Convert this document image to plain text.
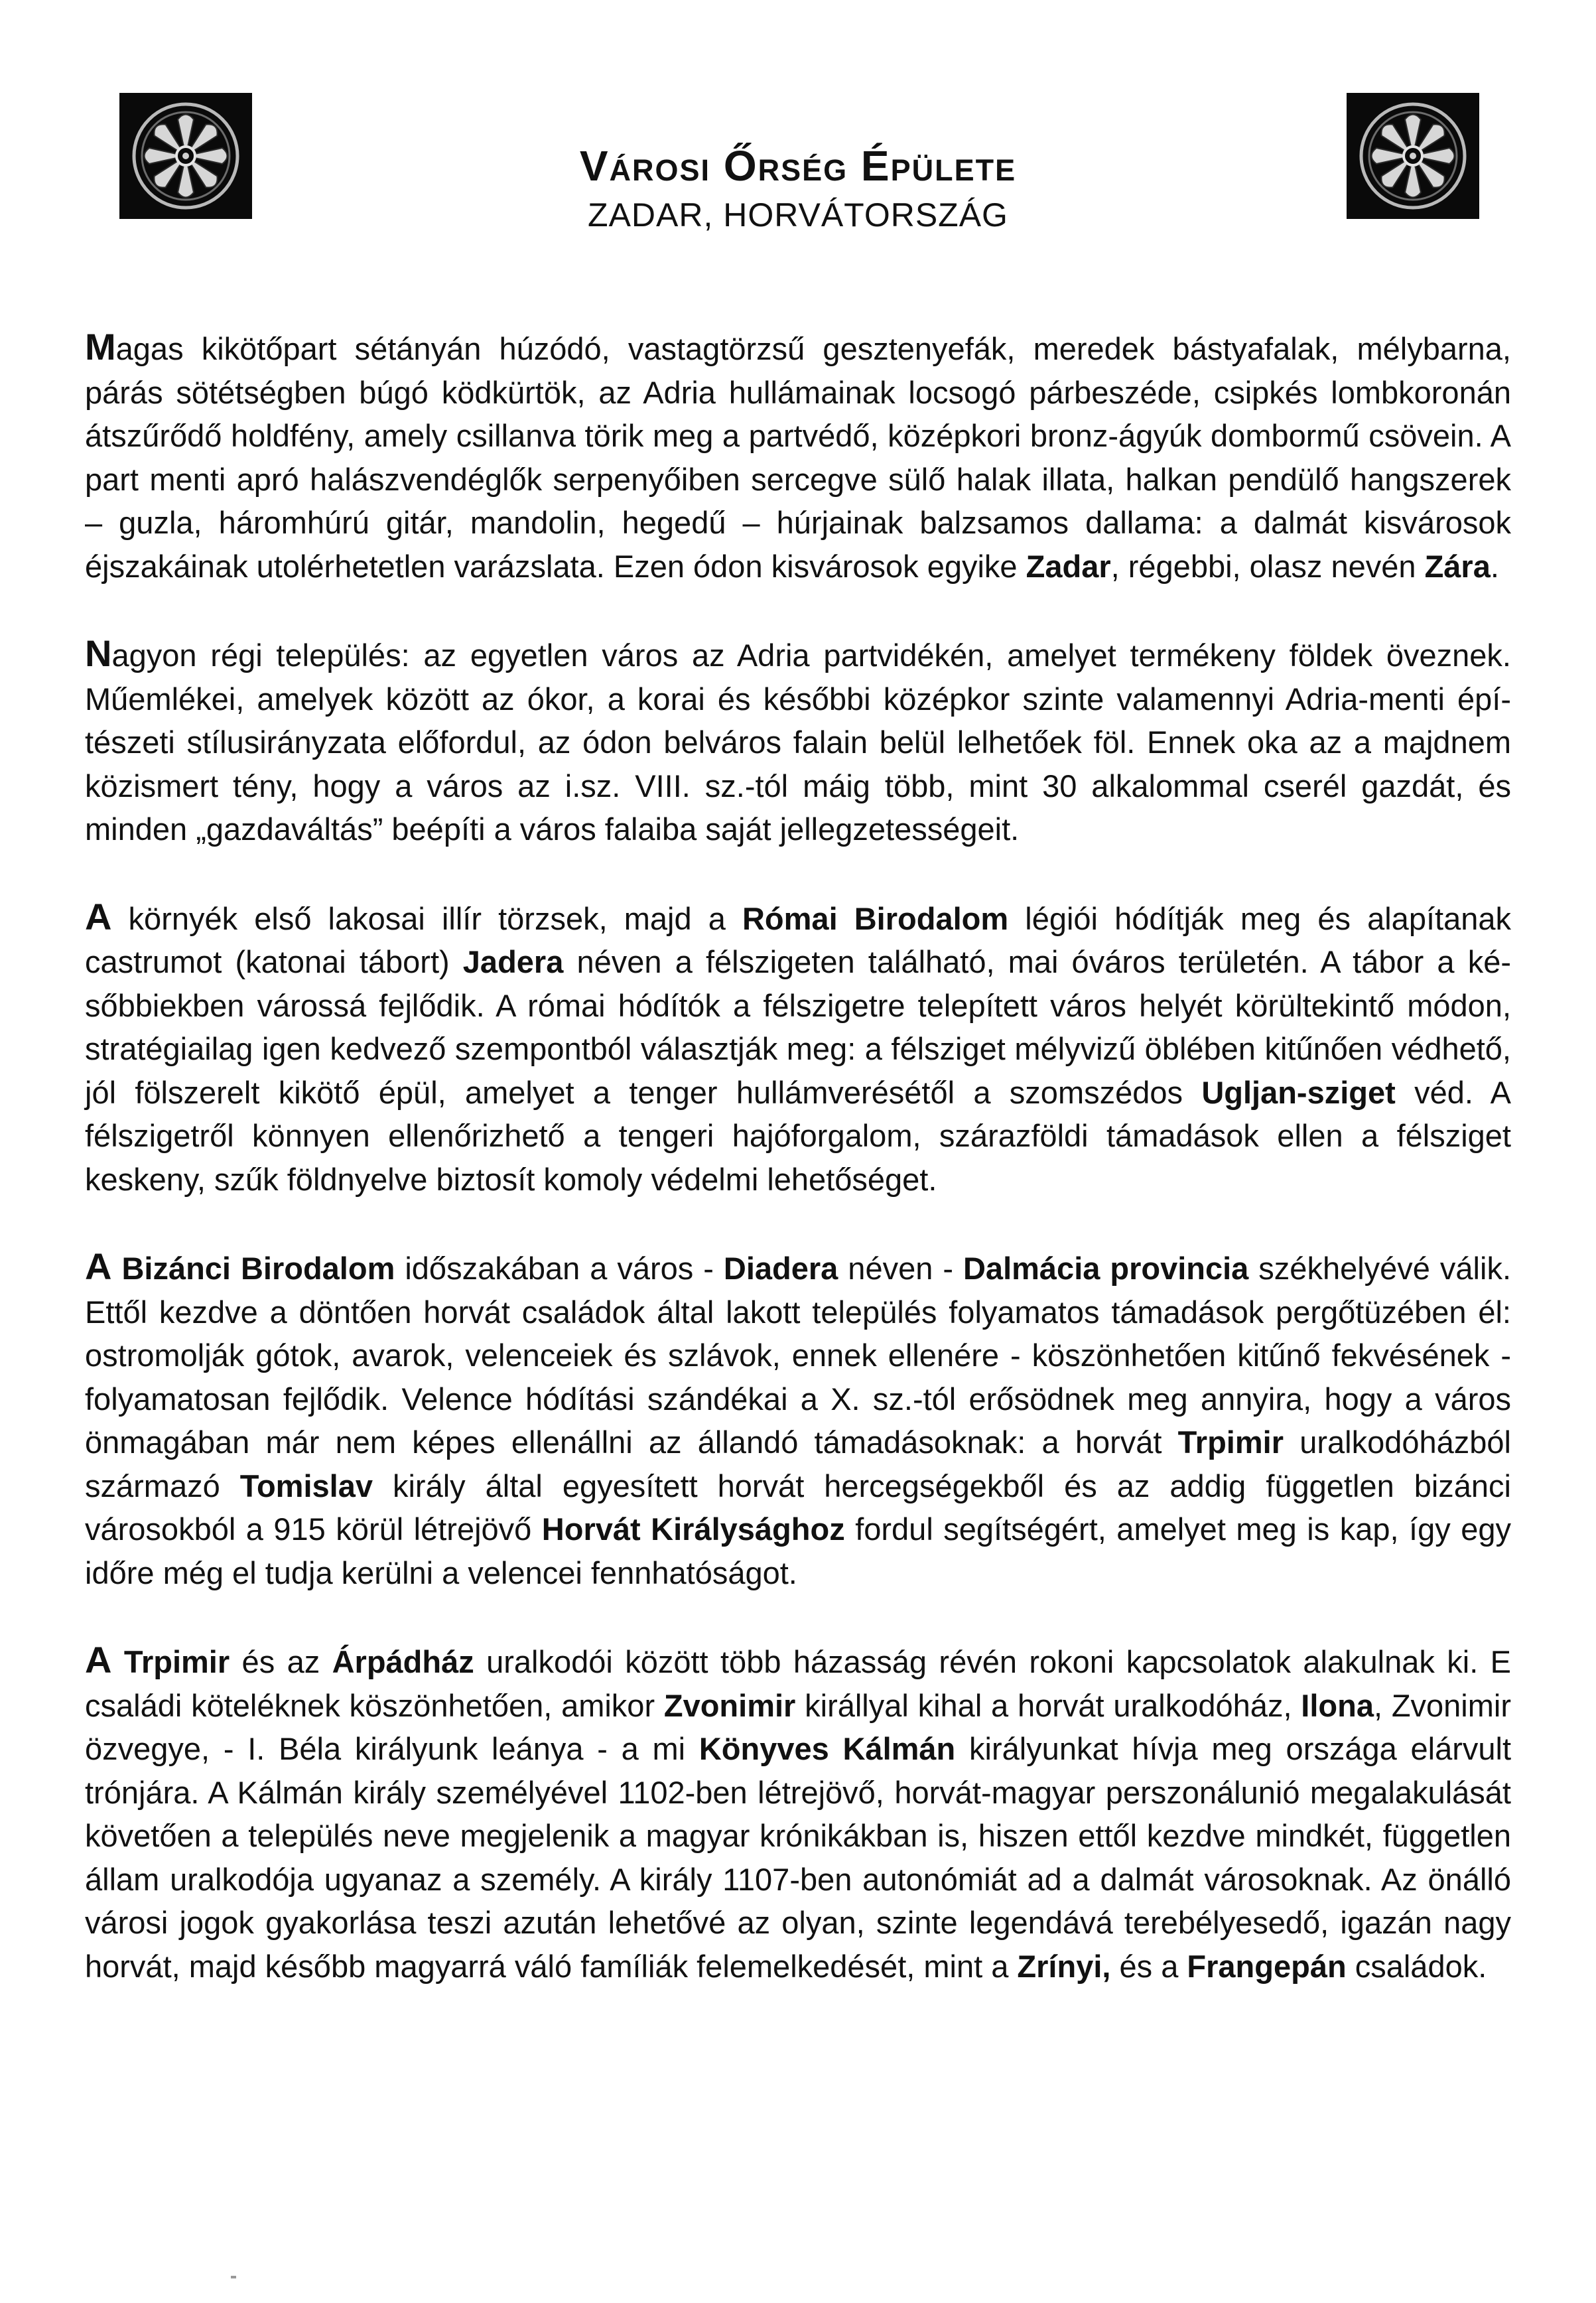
Városi Őrség Épülete
ZADAR, HORVÁTORSZÁG

Magas kikötőpart sétányán húzódó, vastagtörzsű gesztenyefák, meredek bástyafalak, mélybarna, párás sötétségben búgó ködkürtök, az Adria hullámainak locsogó párbeszéde, csipkés lombkoronán átszűrődő holdfény, amely csillanva törik meg a partvédő, középkori bronz-ágyúk dombormű csövein. A part menti apró halászvendéglők serpenyőiben sercegve sülő halak illata, halkan pendülő hangszerek – guzla, háromhúrú gitár, mandolin, hegedű – húrjainak balzsamos dallama: a dalmát kisvárosok éjszakáinak utolérhetetlen varázslata. Ezen ódon kisvárosok egyike Zadar, régebbi, olasz nevén Zára.

Nagyon régi település: az egyetlen város az Adria partvidékén, amelyet termékeny földek öveznek. Műemlékei, amelyek között az ókor, a korai és későbbi középkor szinte valamennyi Adria-menti építészeti stílusirányzata előfordul, az ódon belváros falain belül lelhetőek föl. Ennek oka az a majdnem közismert tény, hogy a város az i.sz. VIII. sz.-tól máig több, mint 30 alkalommal cserél gazdát, és minden „gazdaváltás” beépíti a város falaiba saját jellegzetességeit.

A környék első lakosai illír törzsek, majd a Római Birodalom légiói hódítják meg és alapítanak castrumot (katonai tábort) Jadera néven a félszigeten található, mai óváros területén. A tábor a későbbiekben várossá fejlődik. A római hódítók a félszigetre telepített város helyét körültekintő módon, stratégiailag igen kedvező szempontból választják meg: a félsziget mélyvizű öblében kitűnően védhető, jól fölszerelt kikötő épül, amelyet a tenger hullámverésétől a szomszédos Ugljan-sziget véd. A félszigetről könnyen ellenőrizhető a tengeri hajóforgalom, szárazföldi támadások ellen a félsziget keskeny, szűk földnyelve biztosít komoly védelmi lehetőséget.

A Bizánci Birodalom időszakában a város - Diadera néven - Dalmácia provincia székhelyévé válik. Ettől kezdve a döntően horvát családok által lakott település folyamatos támadások pergőtüzében él: ostromolják gótok, avarok, velenceiek és szlávok, ennek ellenére - köszönhetően kitűnő fekvésének - folyamatosan fejlődik. Velence hódítási szándékai a X. sz.-tól erősödnek meg annyira, hogy a város önmagában már nem képes ellenállni az állandó támadásoknak: a horvát Trpimir uralkodóházból származó Tomislav király által egyesített horvát hercegségekből és az addig független bizánci városokból a 915 körül létrejövő Horvát Királysághoz fordul segítségért, amelyet meg is kap, így egy időre még el tudja kerülni a velencei fennhatóságot.

A Trpimir és az Árpádház uralkodói között több házasság révén rokoni kapcsolatok alakulnak ki. E családi köteléknek köszönhetően, amikor Zvonimir királlyal kihal a horvát uralkodóház, Ilona, Zvonimir özvegye, - I. Béla királyunk leánya - a mi Könyves Kálmán királyunkat hívja meg országa elárvult trónjára. A Kálmán király személyével 1102-ben létrejövő, horvát-magyar perszonálunió megalakulását követően a település neve megjelenik a magyar krónikákban is, hiszen ettől kezdve mindkét, független állam uralkodója ugyanaz a személy. A király 1107-ben autonómiát ad a dalmát városoknak. Az önálló városi jogok gyakorlása teszi azután lehetővé az olyan, szinte legendává terebélyesedő, igazán nagy horvát, majd később magyarrá váló famíliák felemelkedését, mint a Zrínyi, és a Frangepán családok.
